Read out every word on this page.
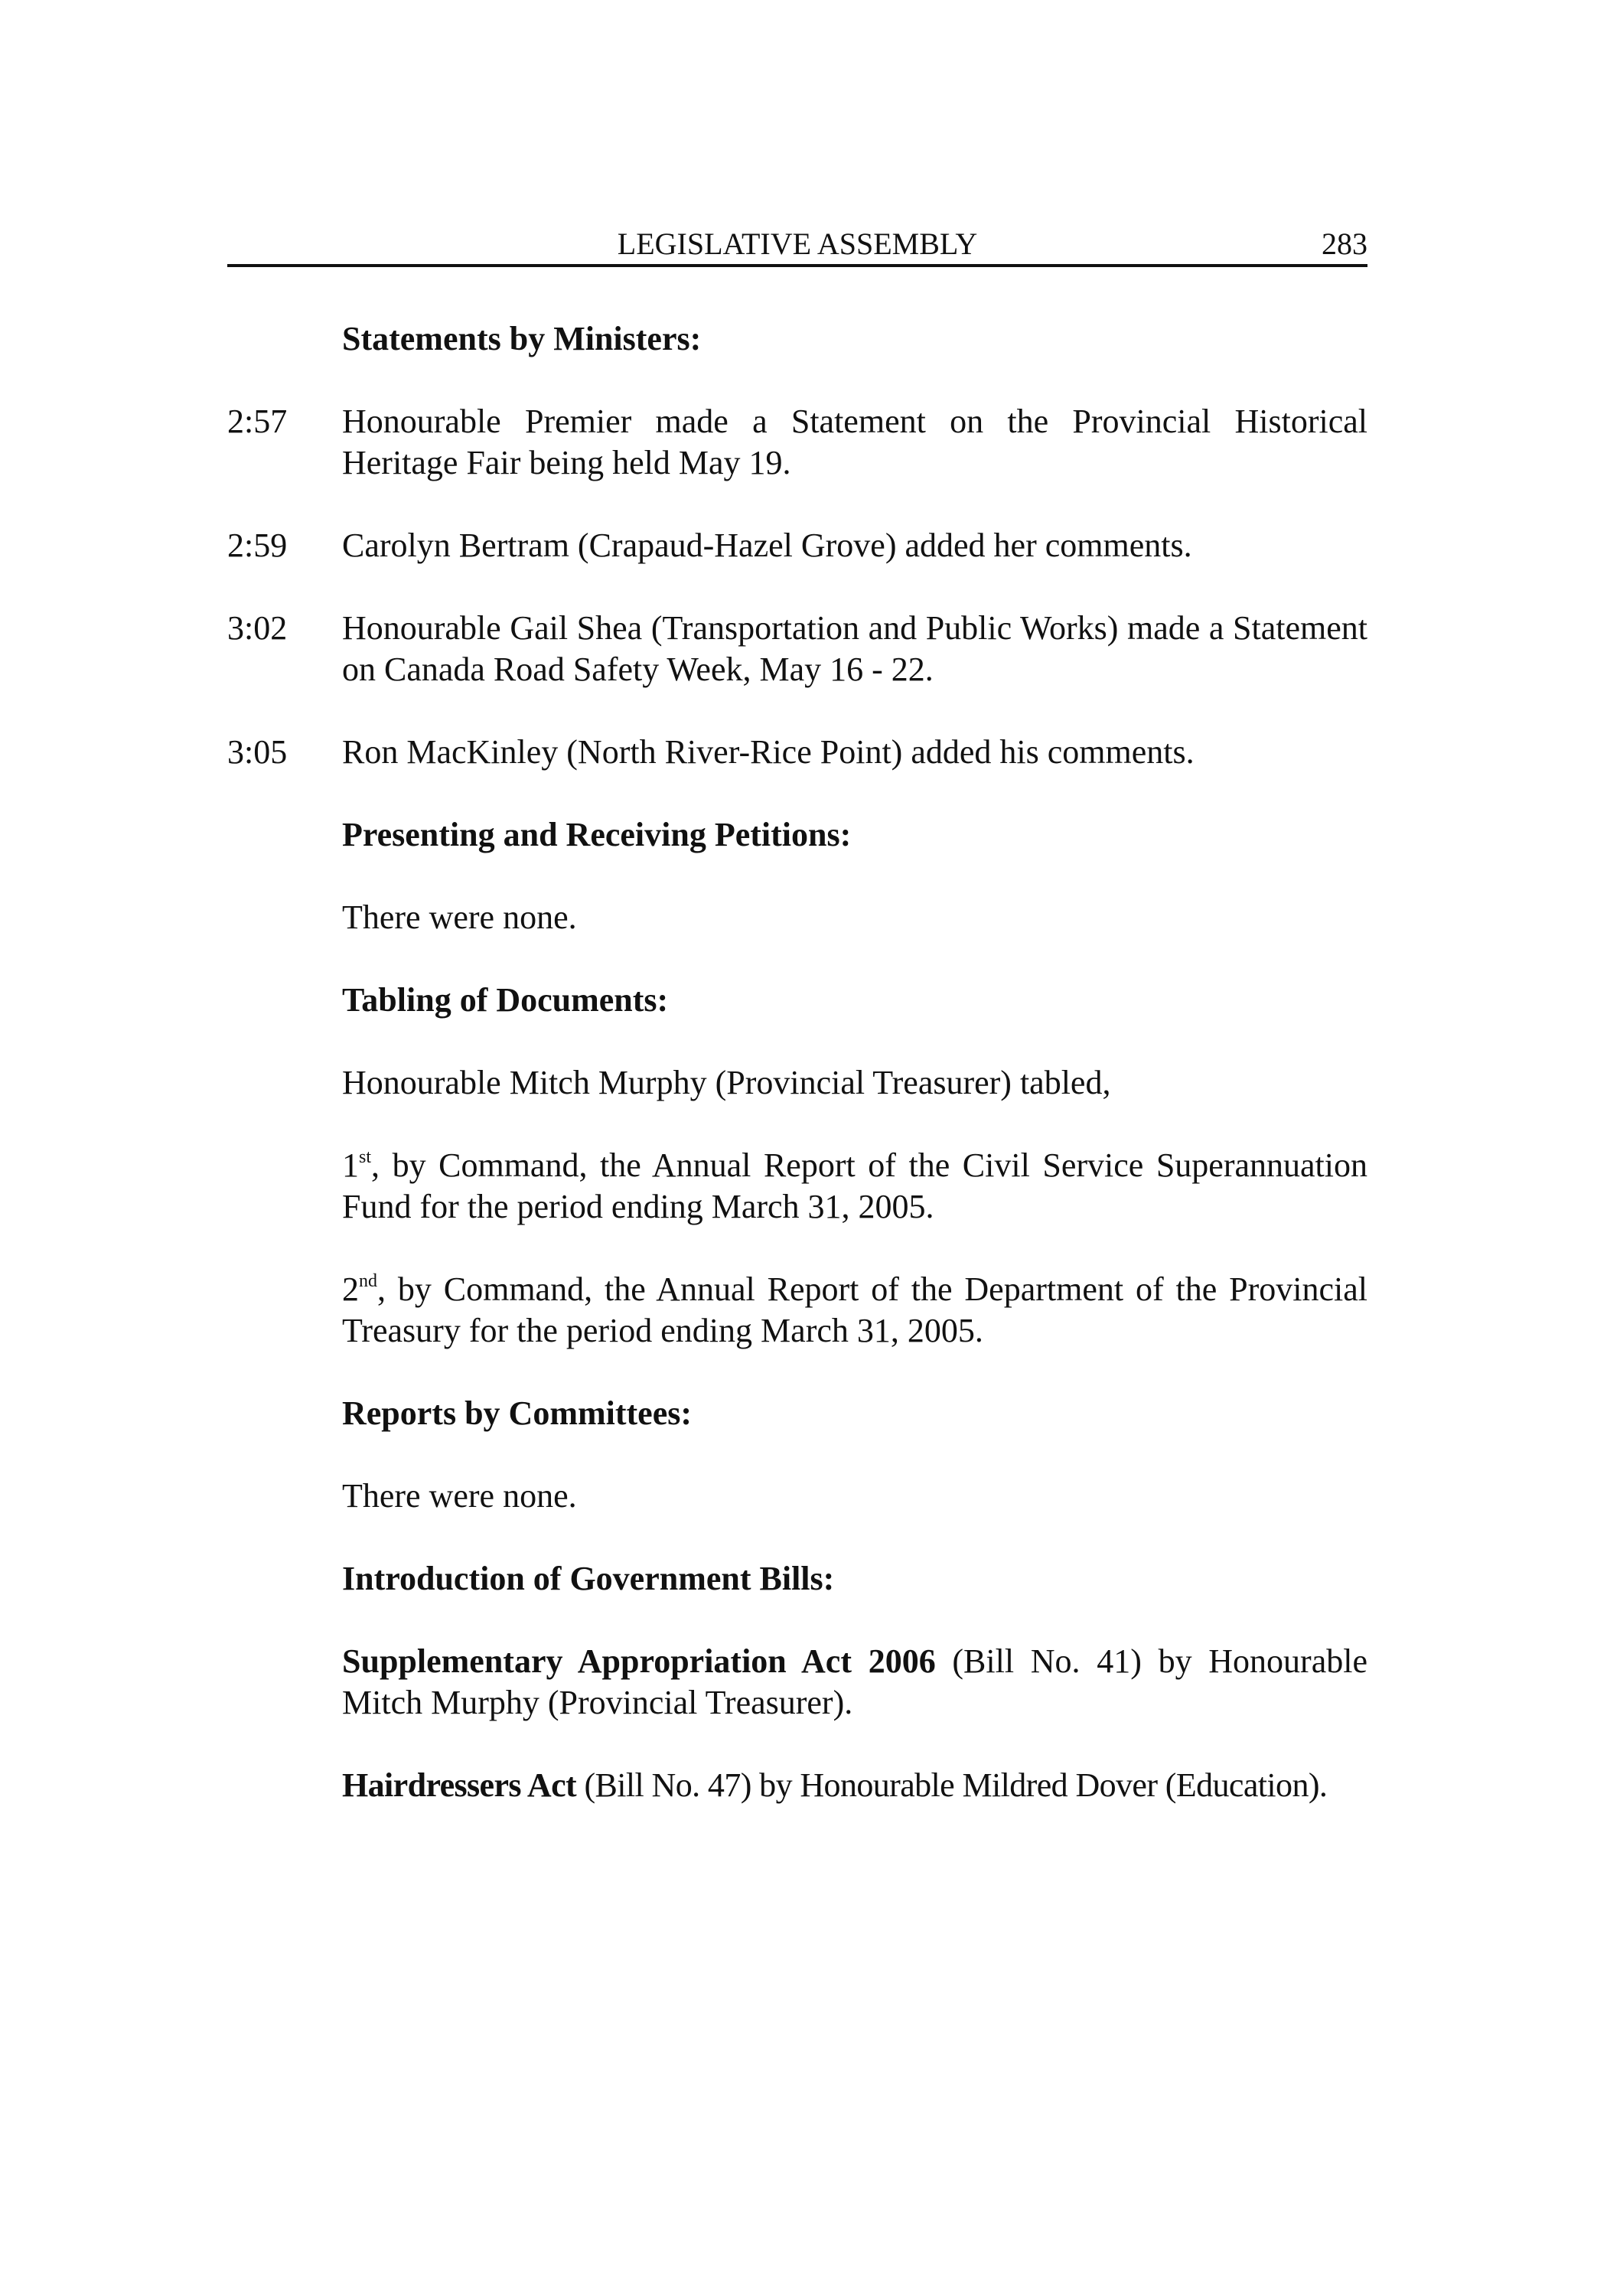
LEGISLATIVE ASSEMBLY	283
Statements by Ministers:
2:57 Honourable Premier made a Statement on the Provincial Historical Heritage Fair being held May 19.
2:59 Carolyn Bertram (Crapaud-Hazel Grove) added her comments.
3:02 Honourable Gail Shea (Transportation and Public Works) made a Statement on Canada Road Safety Week, May 16 - 22.
3:05 Ron MacKinley (North River-Rice Point) added his comments.
Presenting and Receiving Petitions:
There were none.
Tabling of Documents:
Honourable Mitch Murphy (Provincial Treasurer) tabled,
1st, by Command, the Annual Report of the Civil Service Superannuation Fund for the period ending March 31, 2005.
2nd, by Command, the Annual Report of the Department of the Provincial Treasury for the period ending March 31, 2005.
Reports by Committees:
There were none.
Introduction of Government Bills:
Supplementary Appropriation Act 2006 (Bill No. 41) by Honourable Mitch Murphy (Provincial Treasurer).
Hairdressers Act (Bill No. 47) by Honourable Mildred Dover (Education).
